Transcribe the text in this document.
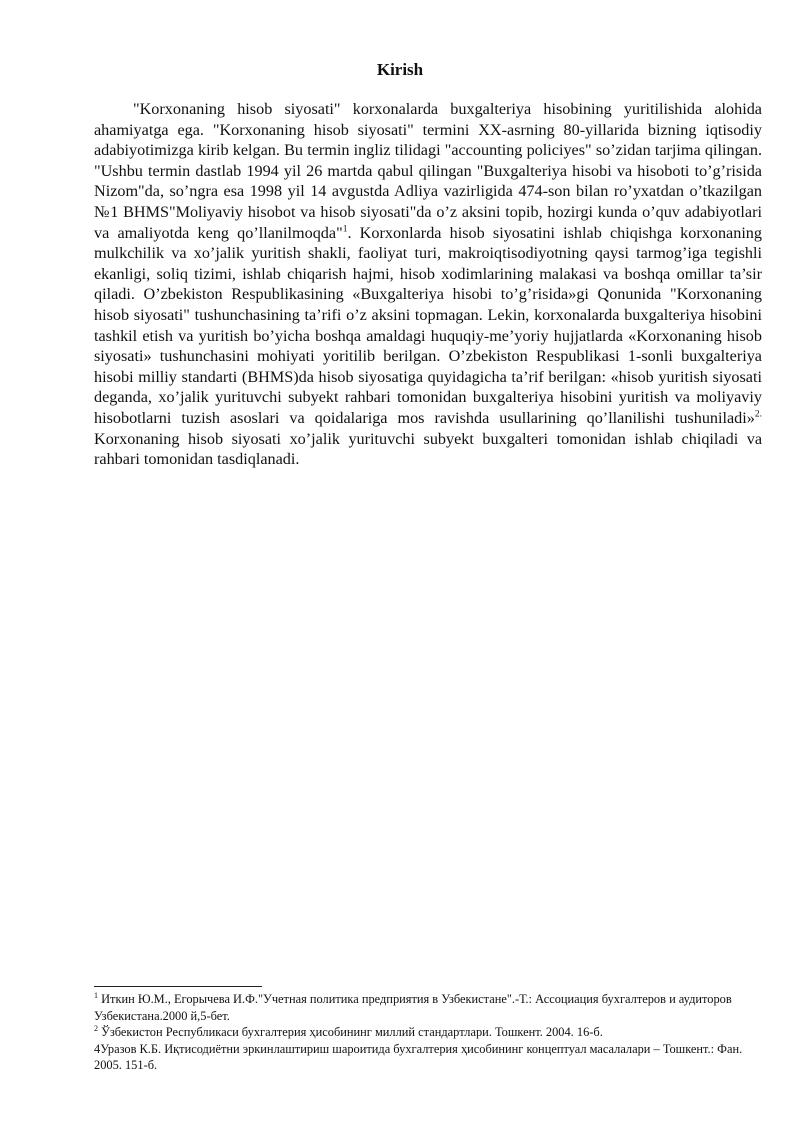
Kirish

"Korxonaning hisob siyosati" korxonalarda buxgalteriya hisobining yuritilishida alohida ahamiyatga ega. "Korxonaning hisob siyosati" termini XX-asrning 80-yillarida bizning iqtisodiy adabiyotimizga kirib kelgan. Bu termin ingliz tilidagi "accounting policiyes" so’zidan tarjima qilingan. "Ushbu termin dastlab 1994 yil 26 martda qabul qilingan "Buxgalteriya hisobi va hisoboti to’g’risida Nizom"da, so’ngra esa 1998 yil 14 avgustda Adliya vazirligida 474-son bilan ro’yxatdan o’tkazilgan №1 BHMS"Moliyaviy hisobot va hisob siyosati"da o’z aksini topib, hozirgi kunda o’quv adabiyotlari va amaliyotda keng qo’llanilmoqda"$^1$. Korxonlarda hisob siyosatini ishlab chiqishga korxonaning mulkchilik va xo’jalik yuritish shakli, faoliyat turi, makroiqtisodiyotning qaysi tarmog’iga tegishli ekanligi, soliq tizimi, ishlab chiqarish hajmi, hisob xodimlarining malakasi va boshqa omillar ta’sir qiladi. O’zbekiston Respublikasining «Buxgalteriya hisobi to’g’risida»gi Qonunida "Korxonaning hisob siyosati" tushunchasining ta’rifi o’z aksini topmagan. Lekin, korxonalarda buxgalteriya hisobini tashkil etish va yuritish bo’yicha boshqa amaldagi huquqiy-me’yoriy hujjatlarda «Korxonaning hisob siyosati» tushunchasini mohiyati yoritilib berilgan. O’zbekiston Respublikasi 1-sonli buxgalteriya hisobi milliy standarti (BHMS)da hisob siyosatiga quyidagicha ta’rif berilgan: «hisob yuritish siyosati deganda, xo’jalik yurituvchi subyekt rahbari tomonidan buxgalteriya hisobini yuritish va moliyaviy hisobotlarni tuzish asoslari va qoidalariga mos ravishda usullarining qo’llanilishi tushuniladi»$^{2.}$ Korxonaning hisob siyosati xo’jalik yurituvchi subyekt buxgalteri tomonidan ishlab chiqiladi va rahbari tomonidan tasdiqlanadi.

$^1$ Иткин Ю.М., Егорычева И.Ф."Учетная политика предприятия в Узбекистане".-Т.: Ассоциация бухгалтеров и аудиторов Узбекистана.2000 й,5-бет.

$^2$ Ўзбекистон Республикаси бухгалтерия ҳисобининг миллий стандартлари. Тошкент. 2004. 16-б.

4Уразов К.Б. Иқтисодиётни эркинлаштириш шароитида бухгалтерия ҳисобининг концептуал масалалари – Тошкент.: Фан. 2005. 151-б.
